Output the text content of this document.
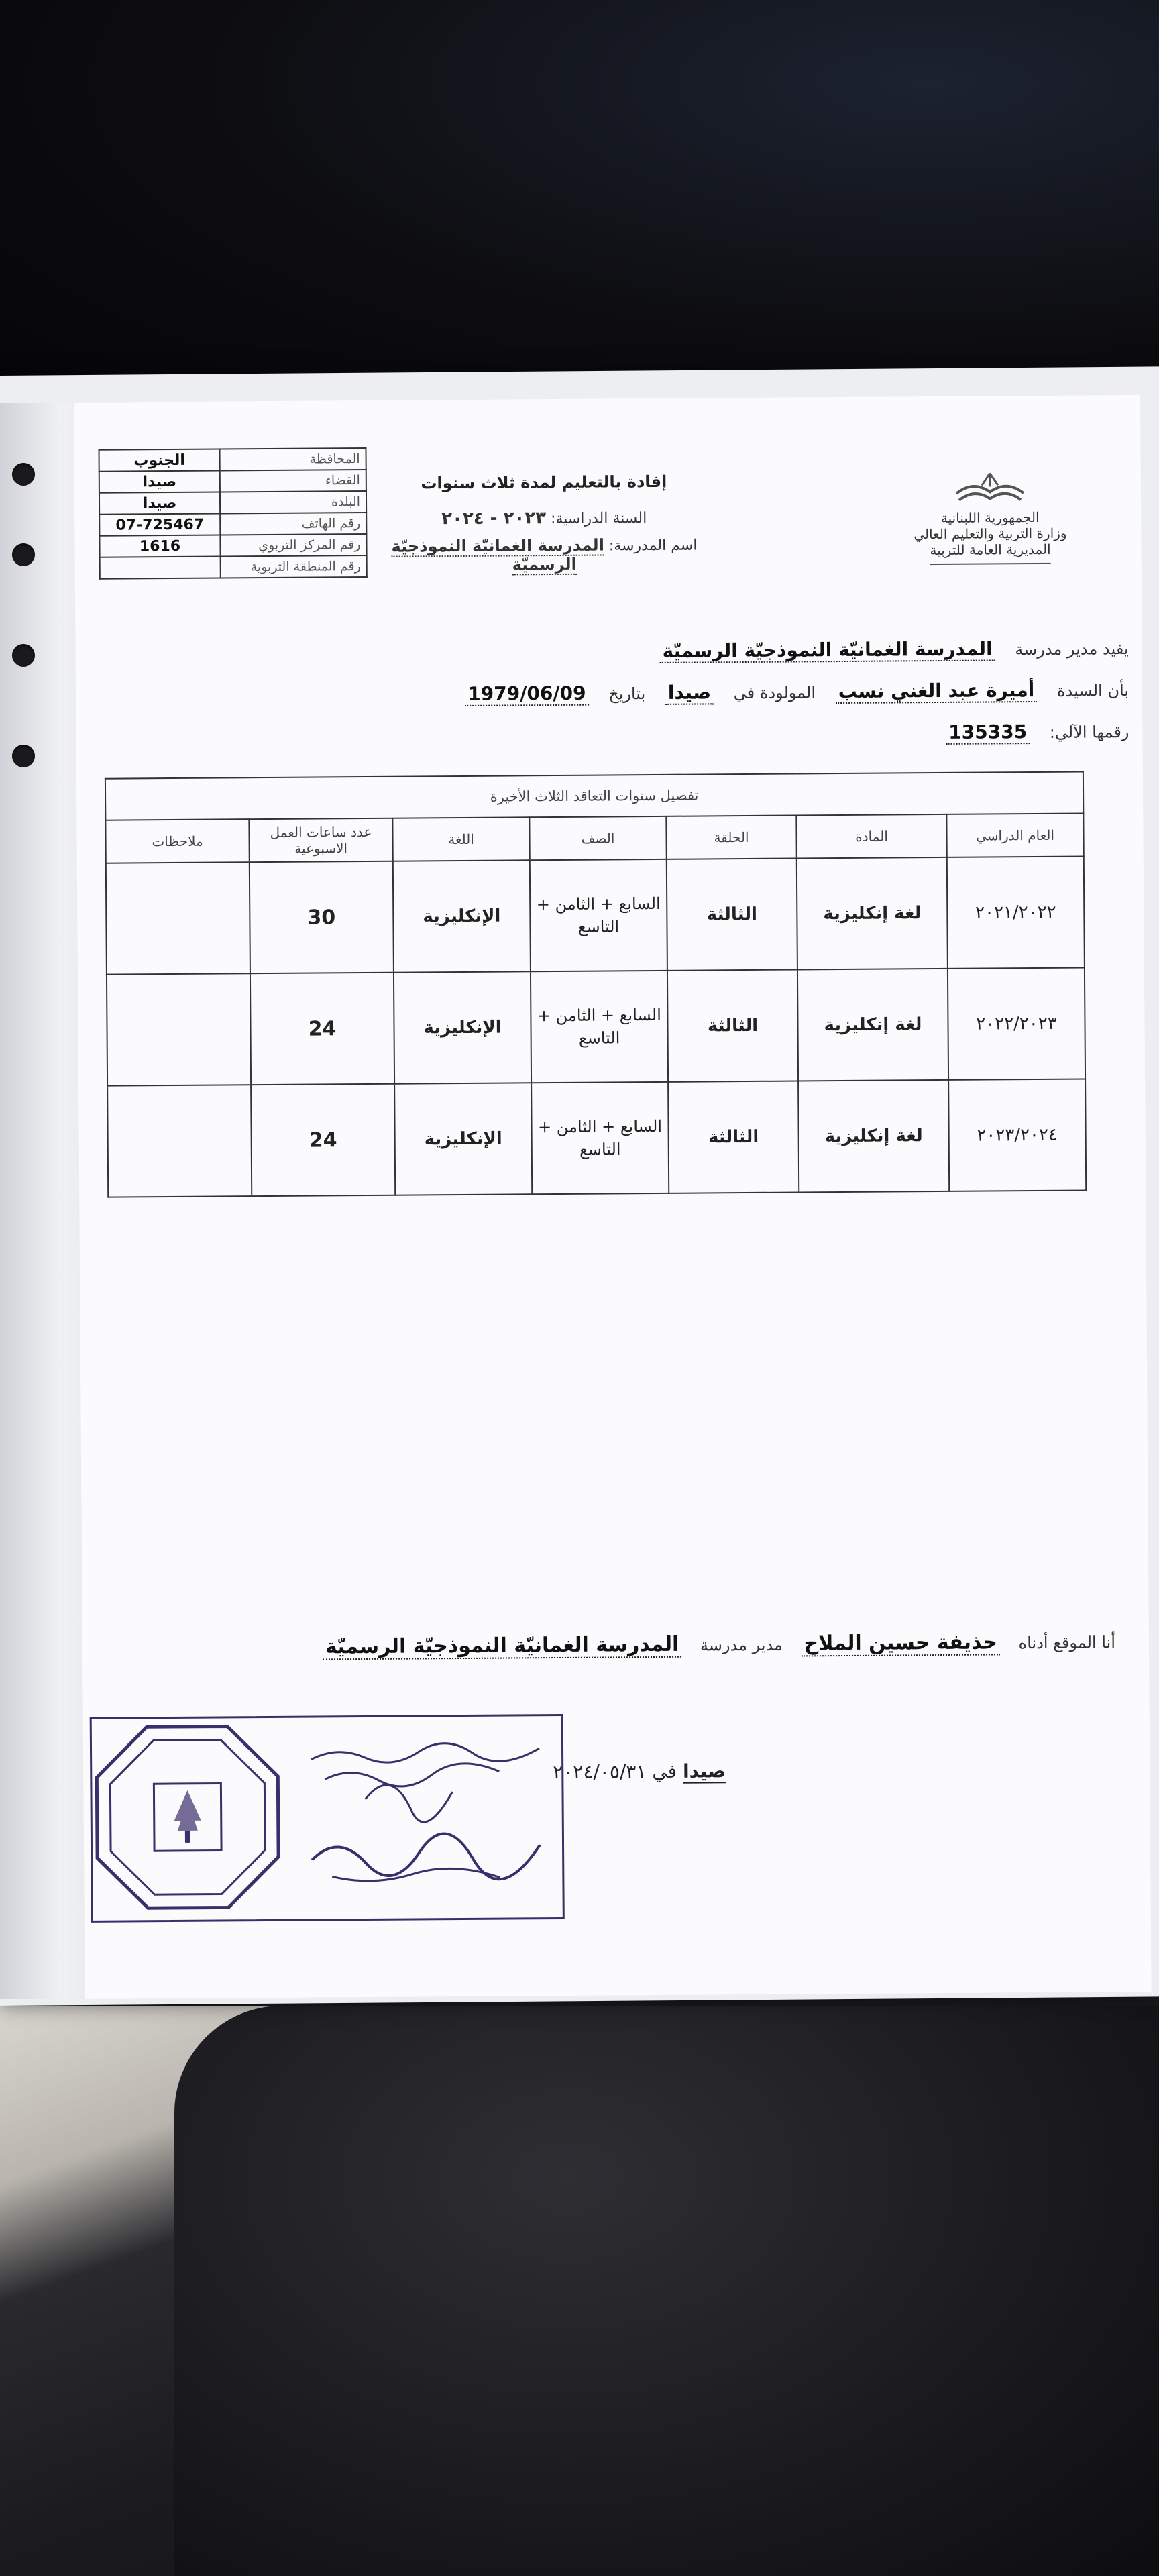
الجمهورية اللبنانية
وزارة التربية والتعليم العالي
المديرية العامة للتربية
إفادة بالتعليم لمدة ثلاث سنوات
السنة الدراسية: ٢٠٢٣ - ٢٠٢٤
اسم المدرسة: المدرسة الغمانيّة النموذجيّة الرسميّة
الجنوب	المحافظة
صيدا	القضاء
صيدا	البلدة
07-725467	رقم الهاتف
1616	رقم المركز التربوي
	رقم المنطقة التربوية
يفيد مدير مدرسة المدرسة الغمانيّة النموذجيّة الرسميّة
بأن السيدة أميرة عبد الغني نسب المولودة في صيدا بتاريخ 1979/06/09
رقمها الآلي: 135335
تفصيل سنوات التعاقد الثلاث الأخيرة						
العام الدراسي	المادة	الحلقة	الصف	اللغة	عدد ساعات العمل الاسبوعية	ملاحظات
٢٠٢١/٢٠٢٢	لغة إنكليزية	الثالثة	السابع + الثامن + التاسع	الإنكليزية	30	
٢٠٢٢/٢٠٢٣	لغة إنكليزية	الثالثة	السابع + الثامن + التاسع	الإنكليزية	24	
٢٠٢٣/٢٠٢٤	لغة إنكليزية	الثالثة	السابع + الثامن + التاسع	الإنكليزية	24	
أنا الموقع أدناه حذيفة حسين الملاح مدير مدرسة المدرسة الغمانيّة النموذجيّة الرسميّة
صيدا في ٢٠٢٤/٠٥/٣١
